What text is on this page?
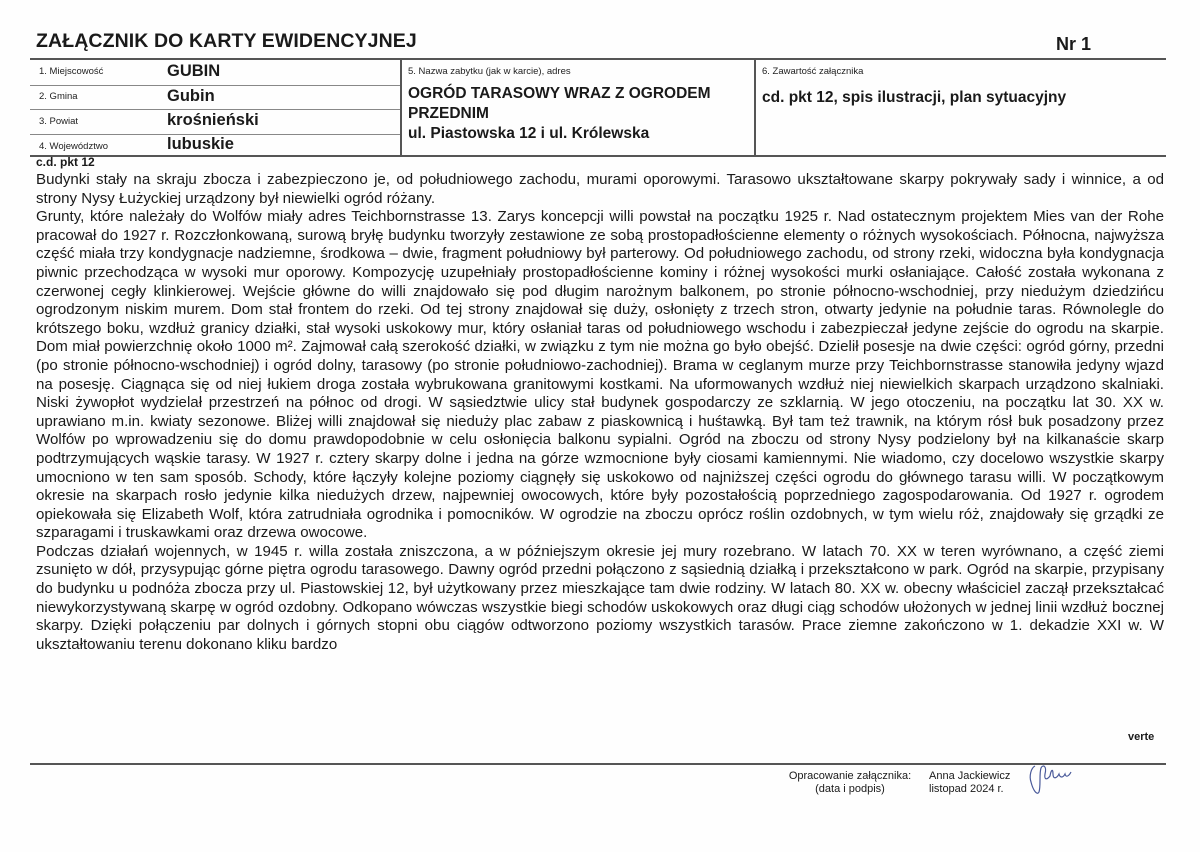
ZAŁĄCZNIK DO KARTY EWIDENCYJNEJ	Nr 1
1. Miejscowość	GUBIN
2. Gmina	Gubin
3. Powiat	krośnieński
4. Województwo	lubuskie
5. Nazwa zabytku (jak w karcie), adres
OGRÓD TARASOWY WRAZ Z OGRODEM
PRZEDNIM
ul. Piastowska 12 i ul. Królewska
6. Zawartość załącznika
cd. pkt 12, spis ilustracji, plan sytuacyjny
c.d. pkt 12

Budynki stały na skraju zbocza i zabezpieczono je, od południowego zachodu, murami oporowymi. Tarasowo ukształtowane skarpy pokrywały sady i winnice, a od strony Nysy Łużyckiej urządzony był niewielki ogród różany.

Grunty, które należały do Wolfów miały adres Teichbornstrasse 13. Zarys koncepcji willi powstał na początku 1925 r. Nad ostatecznym projektem Mies van der Rohe pracował do 1927 r. Rozczłonkowaną, surową bryłę budynku tworzyły zestawione ze sobą prostopadłościenne elementy o różnych wysokościach. Północna, najwyższa część miała trzy kondygnacje nadziemne, środkowa – dwie, fragment południowy był parterowy. Od południowego zachodu, od strony rzeki, widoczna była kondygnacja piwnic przechodząca w wysoki mur oporowy. Kompozycję uzupełniały prostopadłościenne kominy i różnej wysokości murki osłaniające. Całość została wykonana z czerwonej cegły klinkierowej. Wejście główne do willi znajdowało się pod długim narożnym balkonem, po stronie północno-wschodniej, przy niedużym dziedzińcu ogrodzonym niskim murem. Dom stał frontem do rzeki. Od tej strony znajdował się duży, osłonięty z trzech stron, otwarty jedynie na południe taras. Równolegle do krótszego boku, wzdłuż granicy działki, stał wysoki uskokowy mur, który osłaniał taras od południowego wschodu i zabezpieczał jedyne zejście do ogrodu na skarpie. Dom miał powierzchnię około 1000 m². Zajmował całą szerokość działki, w związku z tym nie można go było obejść. Dzielił posesje na dwie części: ogród górny, przedni (po stronie północno-wschodniej) i ogród dolny, tarasowy (po stronie południowo-zachodniej). Brama w ceglanym murze przy Teichbornstrasse stanowiła jedyny wjazd na posesję. Ciągnąca się od niej łukiem droga została wybrukowana granitowymi kostkami. Na uformowanych wzdłuż niej niewielkich skarpach urządzono skalniaki. Niski żywopłot wydzielał przestrzeń na północ od drogi. W sąsiedztwie ulicy stał budynek gospodarczy ze szklarnią. W jego otoczeniu, na początku lat 30. XX w. uprawiano m.in. kwiaty sezonowe. Bliżej willi znajdował się nieduży plac zabaw z piaskownicą i huśtawką. Był tam też trawnik, na którym rósł buk posadzony przez Wolfów po wprowadzeniu się do domu prawdopodobnie w celu osłonięcia balkonu sypialni. Ogród na zboczu od strony Nysy podzielony był na kilkanaście skarp podtrzymujących wąskie tarasy. W 1927 r. cztery skarpy dolne i jedna na górze wzmocnione były ciosami kamiennymi. Nie wiadomo, czy docelowo wszystkie skarpy umocniono w ten sam sposób. Schody, które łączyły kolejne poziomy ciągnęły się uskokowo od najniższej części ogrodu do głównego tarasu willi. W początkowym okresie na skarpach rosło jedynie kilka niedużych drzew, najpewniej owocowych, które były pozostałością poprzedniego zagospodarowania. Od 1927 r. ogrodem opiekowała się Elizabeth Wolf, która zatrudniała ogrodnika i pomocników. W ogrodzie na zboczu oprócz roślin ozdobnych, w tym wielu róż, znajdowały się grządki ze szparagami i truskawkami oraz drzewa owocowe.

Podczas działań wojennych, w 1945 r. willa została zniszczona, a w późniejszym okresie jej mury rozebrano. W latach 70. XX w teren wyrównano, a część ziemi zsunięto w dół, przysypując górne piętra ogrodu tarasowego. Dawny ogród przedni połączono z sąsiednią działką i przekształcono w park. Ogród na skarpie, przypisany do budynku u podnóża zbocza przy ul. Piastowskiej 12, był użytkowany przez mieszkające tam dwie rodziny. W latach 80. XX w. obecny właściciel zaczął przekształcać niewykorzystywaną skarpę w ogród ozdobny. Odkopano wówczas wszystkie biegi schodów uskokowych oraz długi ciąg schodów ułożonych w jednej linii wzdłuż bocznej skarpy. Dzięki połączeniu par dolnych i górnych stopni obu ciągów odtworzono poziomy wszystkich tarasów. Prace ziemne zakończono w 1. dekadzie XXI w. W ukształtowaniu terenu dokonano kliku bardzo

verte
Opracowanie załącznika:
(data i podpis)
Anna Jackiewicz
listopad 2024 r.
